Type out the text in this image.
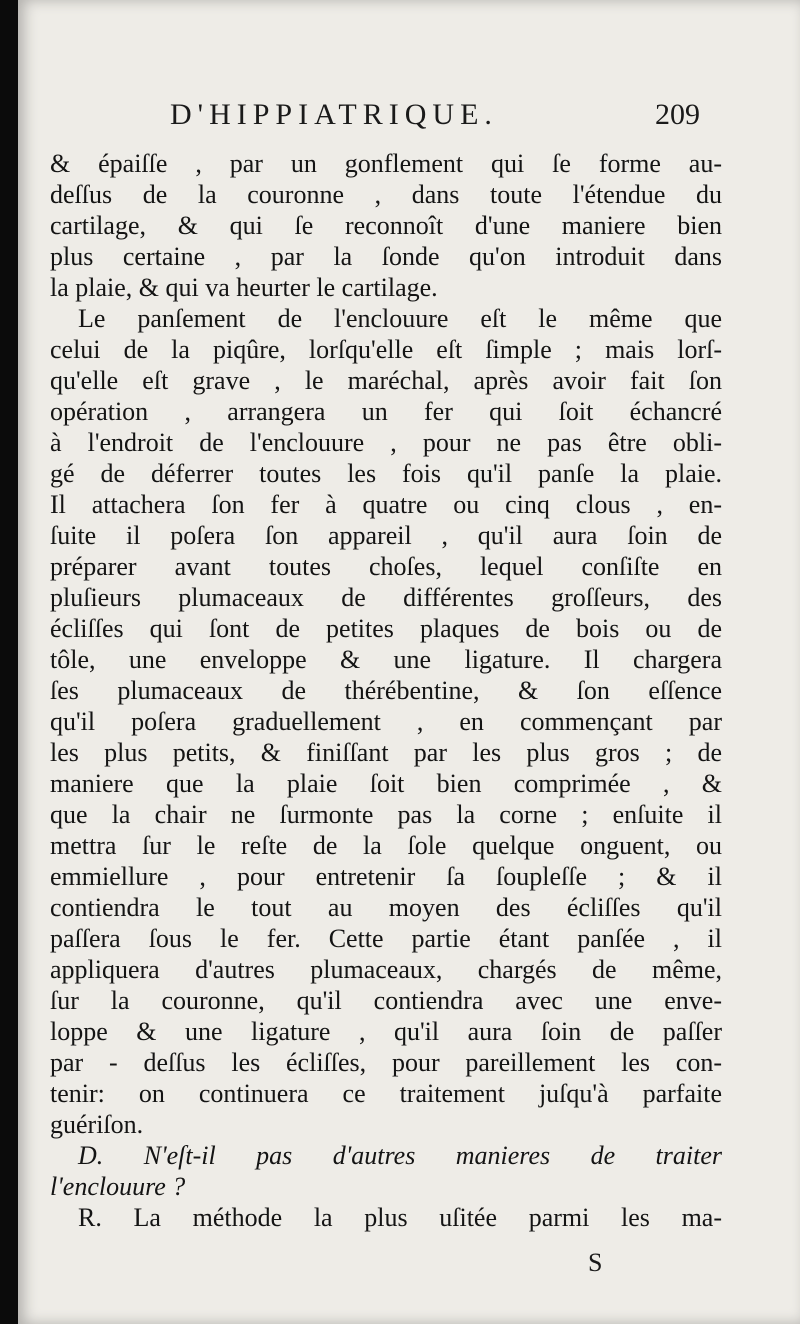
D'HIPPIATRIQUE.	209
& épaiſſe , par un gonflement qui ſe forme au-
deſſus de la couronne , dans toute l'étendue du
cartilage, & qui ſe reconnoît d'une maniere bien
plus certaine , par la ſonde qu'on introduit dans
la plaie, & qui va heurter le cartilage.
Le panſement de l'enclouure eſt le même que
celui de la piqûre, lorſqu'elle eſt ſimple ; mais lorſ-
qu'elle eſt grave , le maréchal, après avoir fait ſon
opération , arrangera un fer qui ſoit échancré
à l'endroit de l'enclouure , pour ne pas être obli-
gé de déferrer toutes les fois qu'il panſe la plaie.
Il attachera ſon fer à quatre ou cinq clous , en-
ſuite il poſera ſon appareil , qu'il aura ſoin de
préparer avant toutes choſes, lequel conſiſte en
pluſieurs plumaceaux de différentes groſſeurs, des
écliſſes qui ſont de petites plaques de bois ou de
tôle, une enveloppe & une ligature. Il chargera
ſes plumaceaux de thérébentine, & ſon eſſence
qu'il poſera graduellement , en commençant par
les plus petits, & finiſſant par les plus gros ; de
maniere que la plaie ſoit bien comprimée , &
que la chair ne ſurmonte pas la corne ; enſuite il
mettra ſur le reſte de la ſole quelque onguent, ou
emmiellure , pour entretenir ſa ſoupleſſe ; & il
contiendra le tout au moyen des écliſſes qu'il
paſſera ſous le fer. Cette partie étant panſée , il
appliquera d'autres plumaceaux, chargés de même,
ſur la couronne, qu'il contiendra avec une enve-
loppe & une ligature , qu'il aura ſoin de paſſer
par - deſſus les écliſſes, pour pareillement les con-
tenir: on continuera ce traitement juſqu'à parfaite
guériſon.
D. N'eſt-il pas d'autres manieres de traiter
l'enclouure ?
R. La méthode la plus uſitée parmi les ma-
S
